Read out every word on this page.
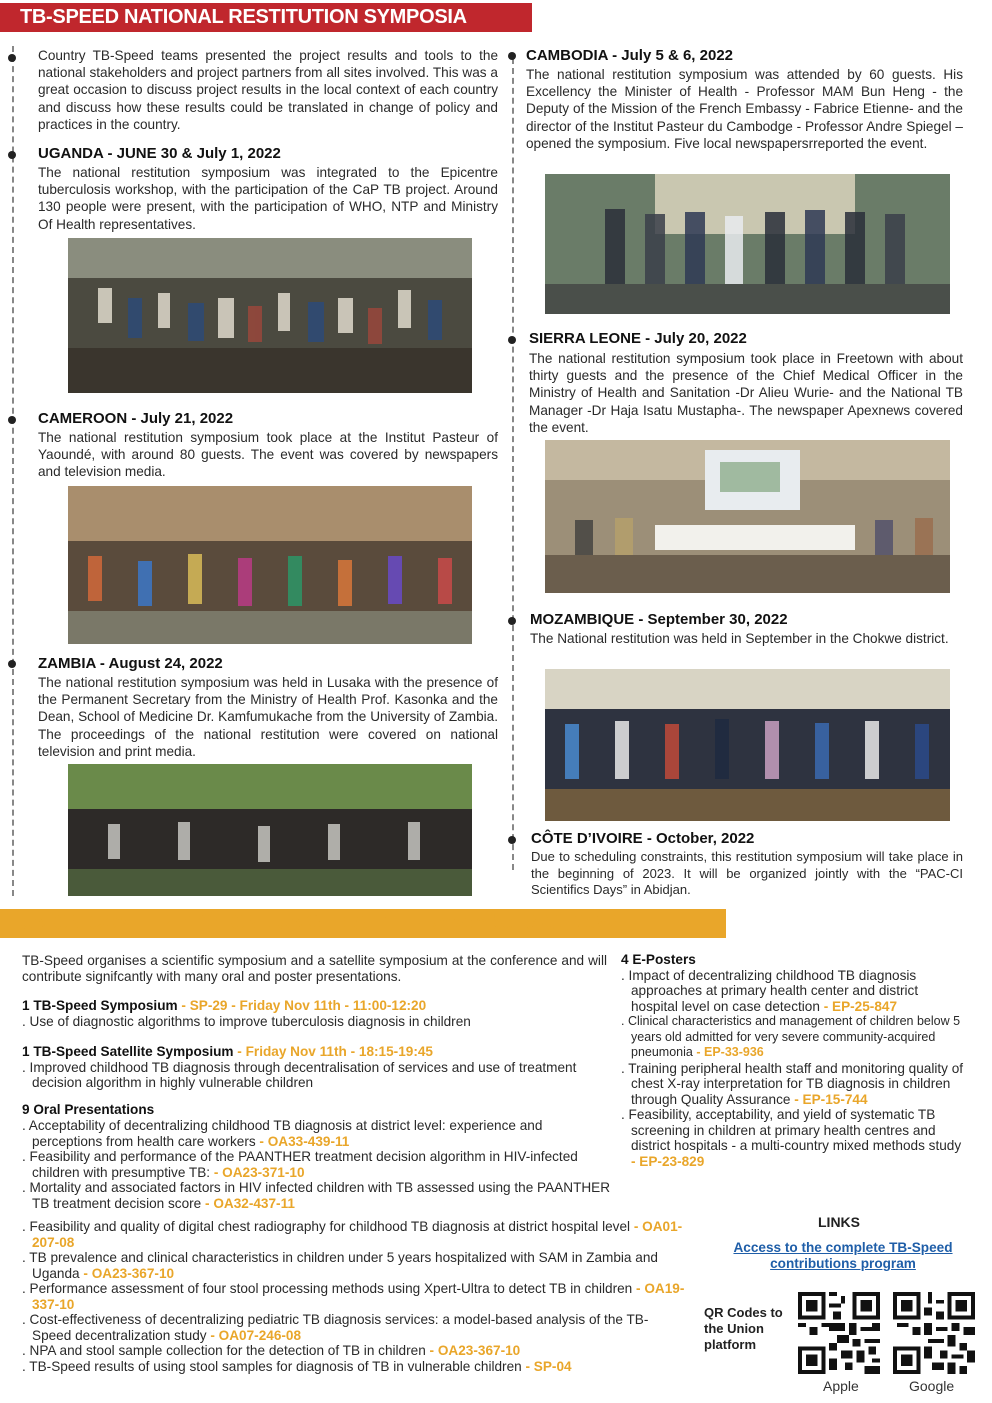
TB-SPEED NATIONAL RESTITUTION SYMPOSIA
Country TB-Speed teams presented the project results and tools to the national stakeholders and project partners from all sites involved. This was a great occasion to discuss project results in the local context of each country and discuss how these results could be translated in change of policy and practices in the country.
UGANDA - JUNE 30 & July 1, 2022
The national restitution symposium was integrated to the Epicentre tuberculosis workshop, with the participation of the CaP TB project. Around 130 people were present, with the participation of WHO, NTP and Ministry Of Health representatives.
CAMEROON - July 21, 2022
The national restitution symposium took place at the Institut Pasteur of Yaoundé, with around 80 guests. The event was covered by newspapers and television media.
ZAMBIA - August 24, 2022
The national restitution symposium was held in Lusaka with the presence of the Permanent Secretary from the Ministry of Health Prof. Kasonka and the Dean, School of Medicine Dr. Kamfumukache from the University of Zambia. The proceedings of the national restitution were covered on national television and print media.
CAMBODIA - July 5 & 6, 2022
The national restitution symposium was attended by 60 guests. His Excellency the Minister of Health - Professor MAM Bun Heng - the Deputy of the Mission of the French Embassy - Fabrice Etienne- and the director of the Institut Pasteur du Cambodge - Professor Andre Spiegel – opened the symposium. Five local newspapersrreported the event.
SIERRA LEONE - July 20, 2022
The national restitution symposium took place in Freetown with about thirty guests and the presence of the Chief Medical Officer in the Ministry of Health and Sanitation -Dr Alieu Wurie- and the National TB Manager -Dr Haja Isatu Mustapha-. The newspaper Apexnews covered the event.
MOZAMBIQUE - September 30, 2022
The National restitution was held in September in the Chokwe district.
CÔTE D’IVOIRE - October, 2022
Due to scheduling constraints, this restitution symposium will take place in the beginning of 2023. It will be organized jointly with the “PAC-CI Scientifics Days” in Abidjan.
UNION CONFERENCE ON LUNG HEALTH – November 8-11, 2022
TB-Speed organises a scientific symposium and a satellite symposium at the conference and will contribute signifcantly with many oral and poster presentations.
1 TB-Speed Symposium - SP-29 - Friday Nov 11th - 11:00-12:20
. Use of diagnostic algorithms to improve tuberculosis diagnosis in children
1 TB-Speed Satellite Symposium - Friday Nov 11th - 18:15-19:45
. Improved childhood TB diagnosis through decentralisation of services and use of treatment decision algorithm in highly vulnerable children
9 Oral Presentations
. Acceptability of decentralizing childhood TB diagnosis at district level: experience and perceptions from health care workers - OA33-439-11
. Feasibility and performance of the PAANTHER treatment decision algorithm in HIV-infected children with presumptive TB: - OA23-371-10
. Mortality and associated factors in HIV infected children with TB assessed using the PAANTHER TB treatment decision score - OA32-437-11
. Feasibility and quality of digital chest radiography for childhood TB diagnosis at district hospital level - OA01-207-08
. TB prevalence and clinical characteristics in children under 5 years hospitalized with SAM in Zambia and Uganda - OA23-367-10
. Performance assessment of four stool processing methods using Xpert-Ultra to detect TB in children - OA19-337-10
. Cost-effectiveness of decentralizing pediatric TB diagnosis services: a model-based analysis of the TB-Speed decentralization study - OA07-246-08
. NPA and stool sample collection for the detection of TB in children - OA23-367-10
. TB-Speed results of using stool samples for diagnosis of TB in vulnerable children - SP-04
4 E-Posters
. Impact of decentralizing childhood TB diagnosis approaches at primary health center and district hospital level on case detection - EP-25-847
. Clinical characteristics and management of children below 5 years old admitted for very severe community-acquired pneumonia - EP-33-936
. Training peripheral health staff and monitoring quality of chest X-ray interpretation for TB diagnosis in children through Quality Assurance - EP-15-744
. Feasibility, acceptability, and yield of systematic TB screening in children at primary health centres and district hospitals - a multi-country mixed methods study - EP-23-829
LINKS
Access to the complete TB-Speed contributions program
QR Codes to the Union platform
Apple	Google
